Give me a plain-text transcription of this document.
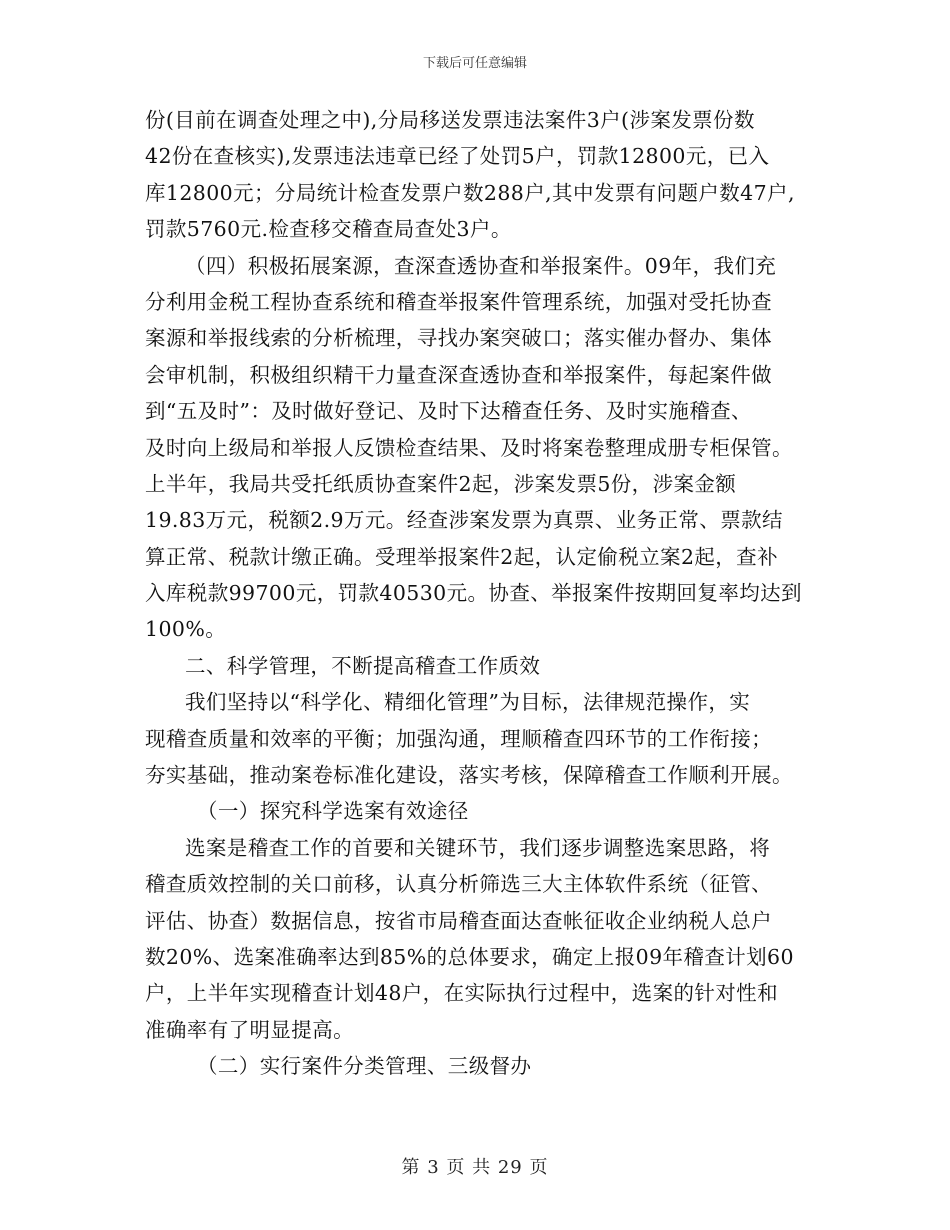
下载后可任意编辑
份(目前在调查处理之中),分局移送发票违法案件3户(涉案发票份数
42份在查核实),发票违法违章已经了处罚5户，罚款12800元，已入
库12800元；分局统计检查发票户数288户,其中发票有问题户数47户,
罚款5760元.检查移交稽查局查处3户。
（四）积极拓展案源，查深查透协查和举报案件。09年，我们充
分利用金税工程协查系统和稽查举报案件管理系统，加强对受托协查
案源和举报线索的分析梳理，寻找办案突破口；落实催办督办、集体
会审机制，积极组织精干力量查深查透协查和举报案件，每起案件做
到“五及时”：及时做好登记、及时下达稽查任务、及时实施稽查、
及时向上级局和举报人反馈检查结果、及时将案卷整理成册专柜保管。
上半年，我局共受托纸质协查案件2起，涉案发票5份，涉案金额
19.83万元，税额2.9万元。经查涉案发票为真票、业务正常、票款结
算正常、税款计缴正确。受理举报案件2起，认定偷税立案2起，查补
入库税款99700元，罚款40530元。协查、举报案件按期回复率均达到
100%。
二、科学管理，不断提高稽查工作质效
我们坚持以“科学化、精细化管理”为目标，法律规范操作，实
现稽查质量和效率的平衡；加强沟通，理顺稽查四环节的工作衔接；
夯实基础，推动案卷标准化建设，落实考核，保障稽查工作顺利开展。
（一）探究科学选案有效途径
选案是稽查工作的首要和关键环节，我们逐步调整选案思路，将
稽查质效控制的关口前移，认真分析筛选三大主体软件系统（征管、
评估、协查）数据信息，按省市局稽查面达查帐征收企业纳税人总户
数20%、选案准确率达到85%的总体要求，确定上报09年稽查计划60
户，上半年实现稽查计划48户，在实际执行过程中，选案的针对性和
准确率有了明显提高。
（二）实行案件分类管理、三级督办
第 3 页 共 29 页
